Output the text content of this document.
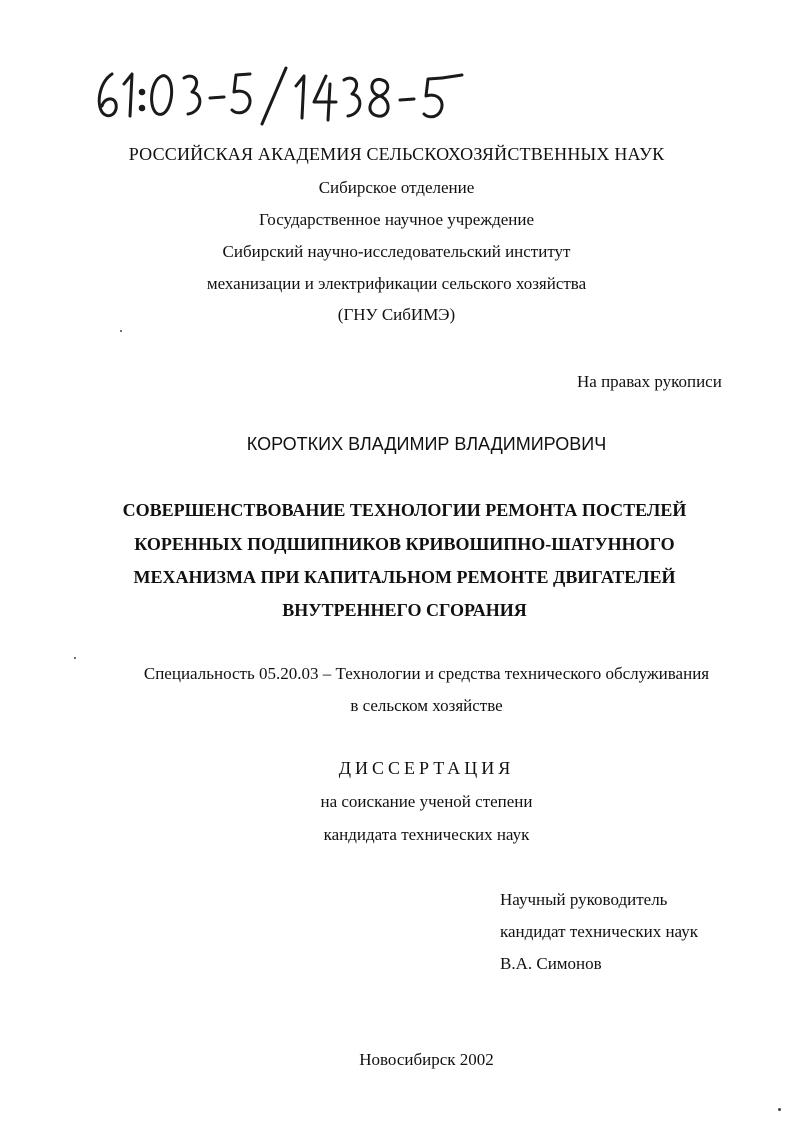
РОССИЙСКАЯ АКАДЕМИЯ СЕЛЬСКОХОЗЯЙСТВЕННЫХ НАУК
Сибирское отделение
Государственное научное учреждение
Сибирский научно-исследовательский институт
механизации и электрификации сельского хозяйства
(ГНУ СибИМЭ)
На правах рукописи
КОРОТКИХ ВЛАДИМИР ВЛАДИМИРОВИЧ
СОВЕРШЕНСТВОВАНИЕ ТЕХНОЛОГИИ РЕМОНТА ПОСТЕЛЕЙ
КОРЕННЫХ ПОДШИПНИКОВ КРИВОШИПНО-ШАТУННОГО
МЕХАНИЗМА ПРИ КАПИТАЛЬНОМ РЕМОНТЕ ДВИГАТЕЛЕЙ
ВНУТРЕННЕГО СГОРАНИЯ
Специальность 05.20.03 – Технологии и средства технического обслуживания
в сельском хозяйстве
ДИССЕРТАЦИЯ
на соискание ученой степени
кандидата технических наук
Научный руководитель
кандидат технических наук
В.А. Симонов
Новосибирск 2002
